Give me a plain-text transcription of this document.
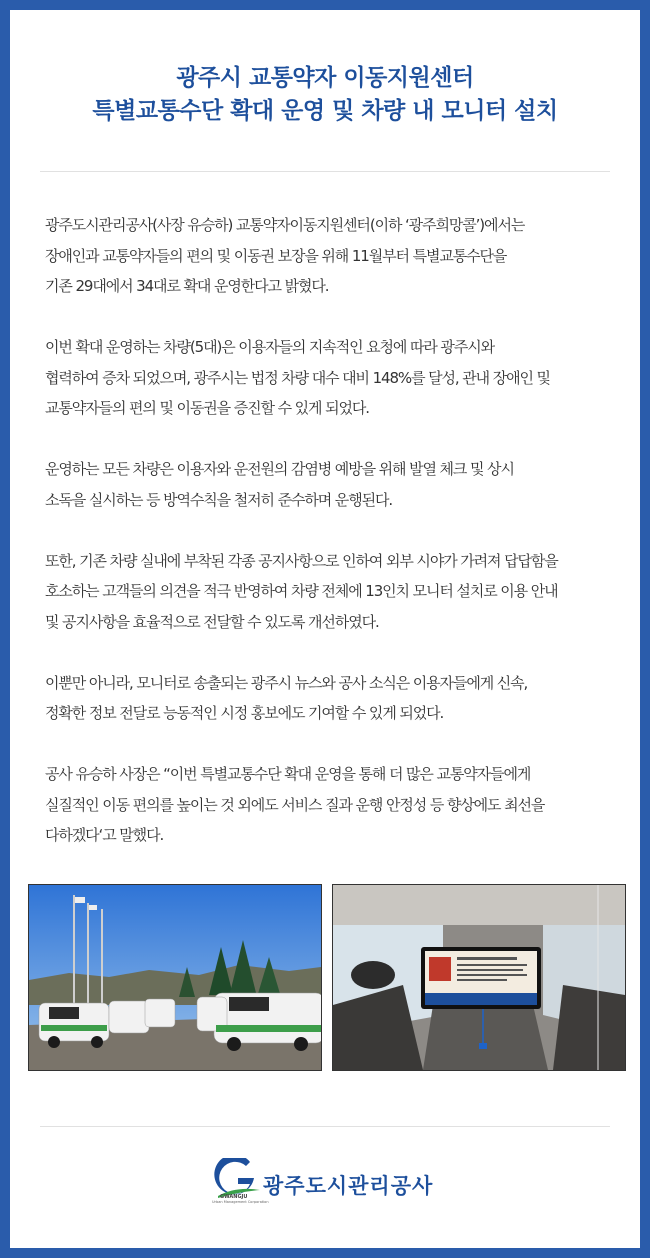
광주시 교통약자 이동지원센터
특별교통수단 확대 운영 및 차량 내 모니터 설치

광주도시관리공사(사장 유승하) 교통약자이동지원센터(이하 ‘광주희망콜’)에서는
장애인과 교통약자들의 편의 및 이동권 보장을 위해 11월부터 특별교통수단을
기존 29대에서 34대로 확대 운영한다고 밝혔다.

이번 확대 운영하는 차량(5대)은 이용자들의 지속적인 요청에 따라 광주시와
협력하여 증차 되었으며, 광주시는 법정 차량 대수 대비 148%를 달성, 관내 장애인 및
교통약자들의 편의 및 이동권을 증진할 수 있게 되었다.

운영하는 모든 차량은 이용자와 운전원의 감염병 예방을 위해 발열 체크 및 상시
소독을 실시하는 등 방역수칙을 철저히 준수하며 운행된다.

또한, 기존 차량 실내에 부착된 각종 공지사항으로 인하여 외부 시야가 가려져 답답함을
호소하는 고객들의 의견을 적극 반영하여 차량 전체에 13인치 모니터 설치로 이용 안내
및 공지사항을 효율적으로 전달할 수 있도록 개선하였다.

이뿐만 아니라, 모니터로 송출되는 광주시 뉴스와 공사 소식은 이용자들에게 신속,
정확한 정보 전달로 능동적인 시정 홍보에도 기여할 수 있게 되었다.

공사 유승하 사장은 “이번 특별교통수단 확대 운영을 통해 더 많은 교통약자들에게
실질적인 이동 편의를 높이는 것 외에도 서비스 질과 운행 안정성 등 향상에도 최선을
다하겠다‘고 말했다.

광주도시관리공사
GWANGJU
Urban Management Corporation
